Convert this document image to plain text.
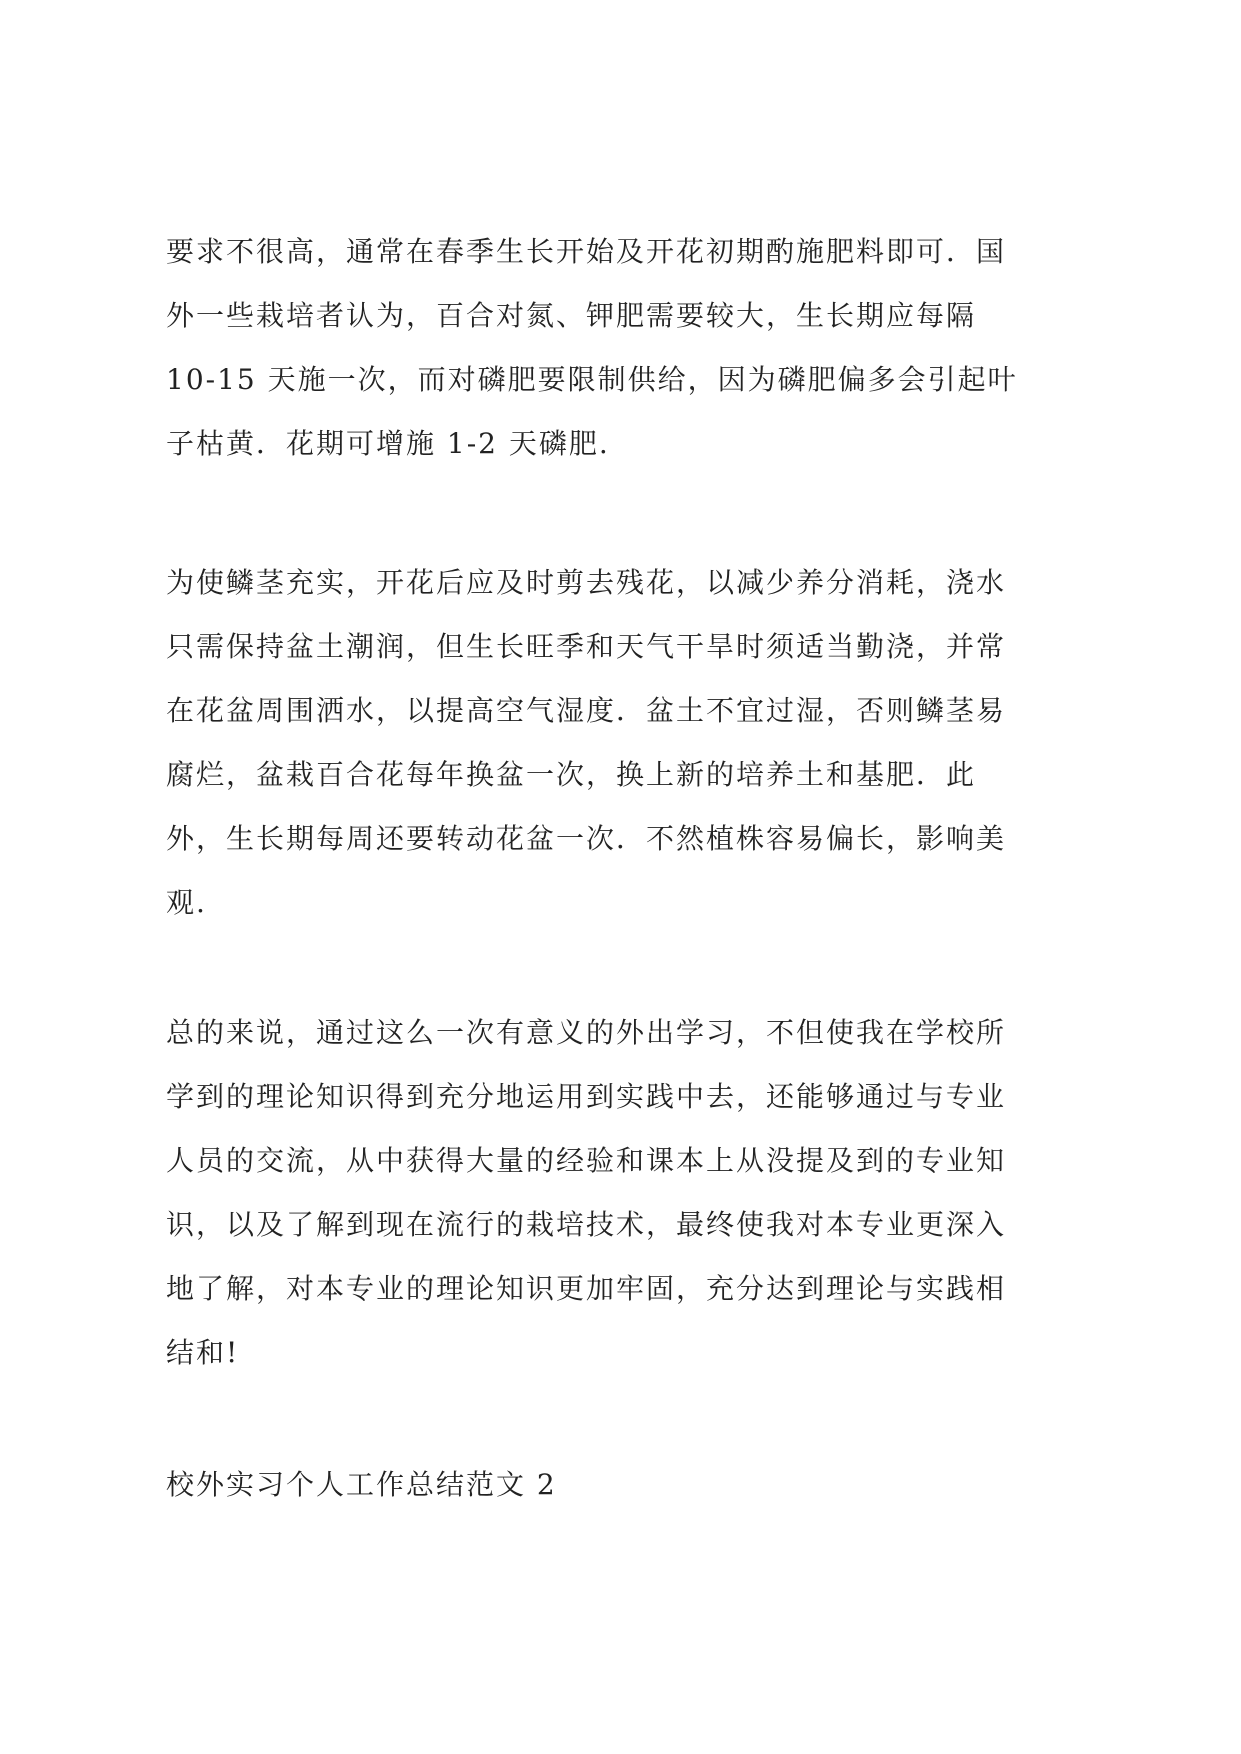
要求不很高，通常在春季生长开始及开花初期酌施肥料即可．国
外一些栽培者认为，百合对氮、钾肥需要较大，生长期应每隔
10-15 天施一次，而对磷肥要限制供给，因为磷肥偏多会引起叶
子枯黄．花期可增施 1-2 天磷肥.
为使鳞茎充实，开花后应及时剪去残花，以减少养分消耗，浇水
只需保持盆土潮润，但生长旺季和天气干旱时须适当勤浇，并常
在花盆周围洒水，以提高空气湿度．盆土不宜过湿，否则鳞茎易
腐烂，盆栽百合花每年换盆一次，换上新的培养土和基肥．此
外，生长期每周还要转动花盆一次．不然植株容易偏长，影响美
观.
总的来说，通过这么一次有意义的外出学习，不但使我在学校所
学到的理论知识得到充分地运用到实践中去，还能够通过与专业
人员的交流，从中获得大量的经验和课本上从没提及到的专业知
识，以及了解到现在流行的栽培技术，最终使我对本专业更深入
地了解，对本专业的理论知识更加牢固，充分达到理论与实践相
结和!
校外实习个人工作总结范文 2
